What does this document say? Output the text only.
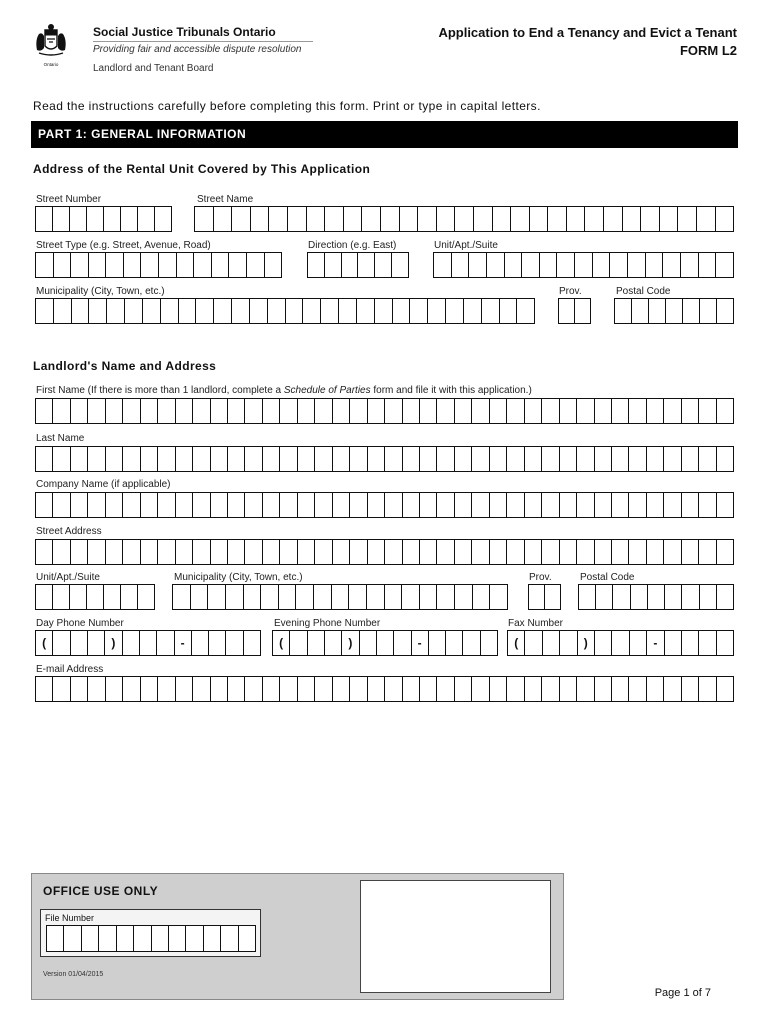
Ontario
Social Justice Tribunals Ontario
Providing fair and accessible dispute resolution
Landlord and Tenant Board
Application to End a Tenancy and Evict a Tenant
FORM L2
Read the instructions carefully before completing this form. Print or type in capital letters.
PART 1: GENERAL INFORMATION
Address of the Rental Unit Covered by This Application
Street Number	Street Name
Street Type (e.g. Street, Avenue, Road)	Direction (e.g. East)	Unit/Apt./Suite
Municipality (City, Town, etc.)	Prov.	Postal Code
Landlord's Name and Address
First Name (If there is more than 1 landlord, complete a Schedule of Parties form and file it with this application.)
Last Name
Company Name (if applicable)
Street Address
Unit/Apt./Suite	Municipality (City, Town, etc.)	Prov.	Postal Code
Day Phone Number	Evening Phone Number	Fax Number
(	)	-	(	)	-	(	)	-
E-mail Address
OFFICE USE ONLY
File Number
Version 01/04/2015
Page 1 of 7
